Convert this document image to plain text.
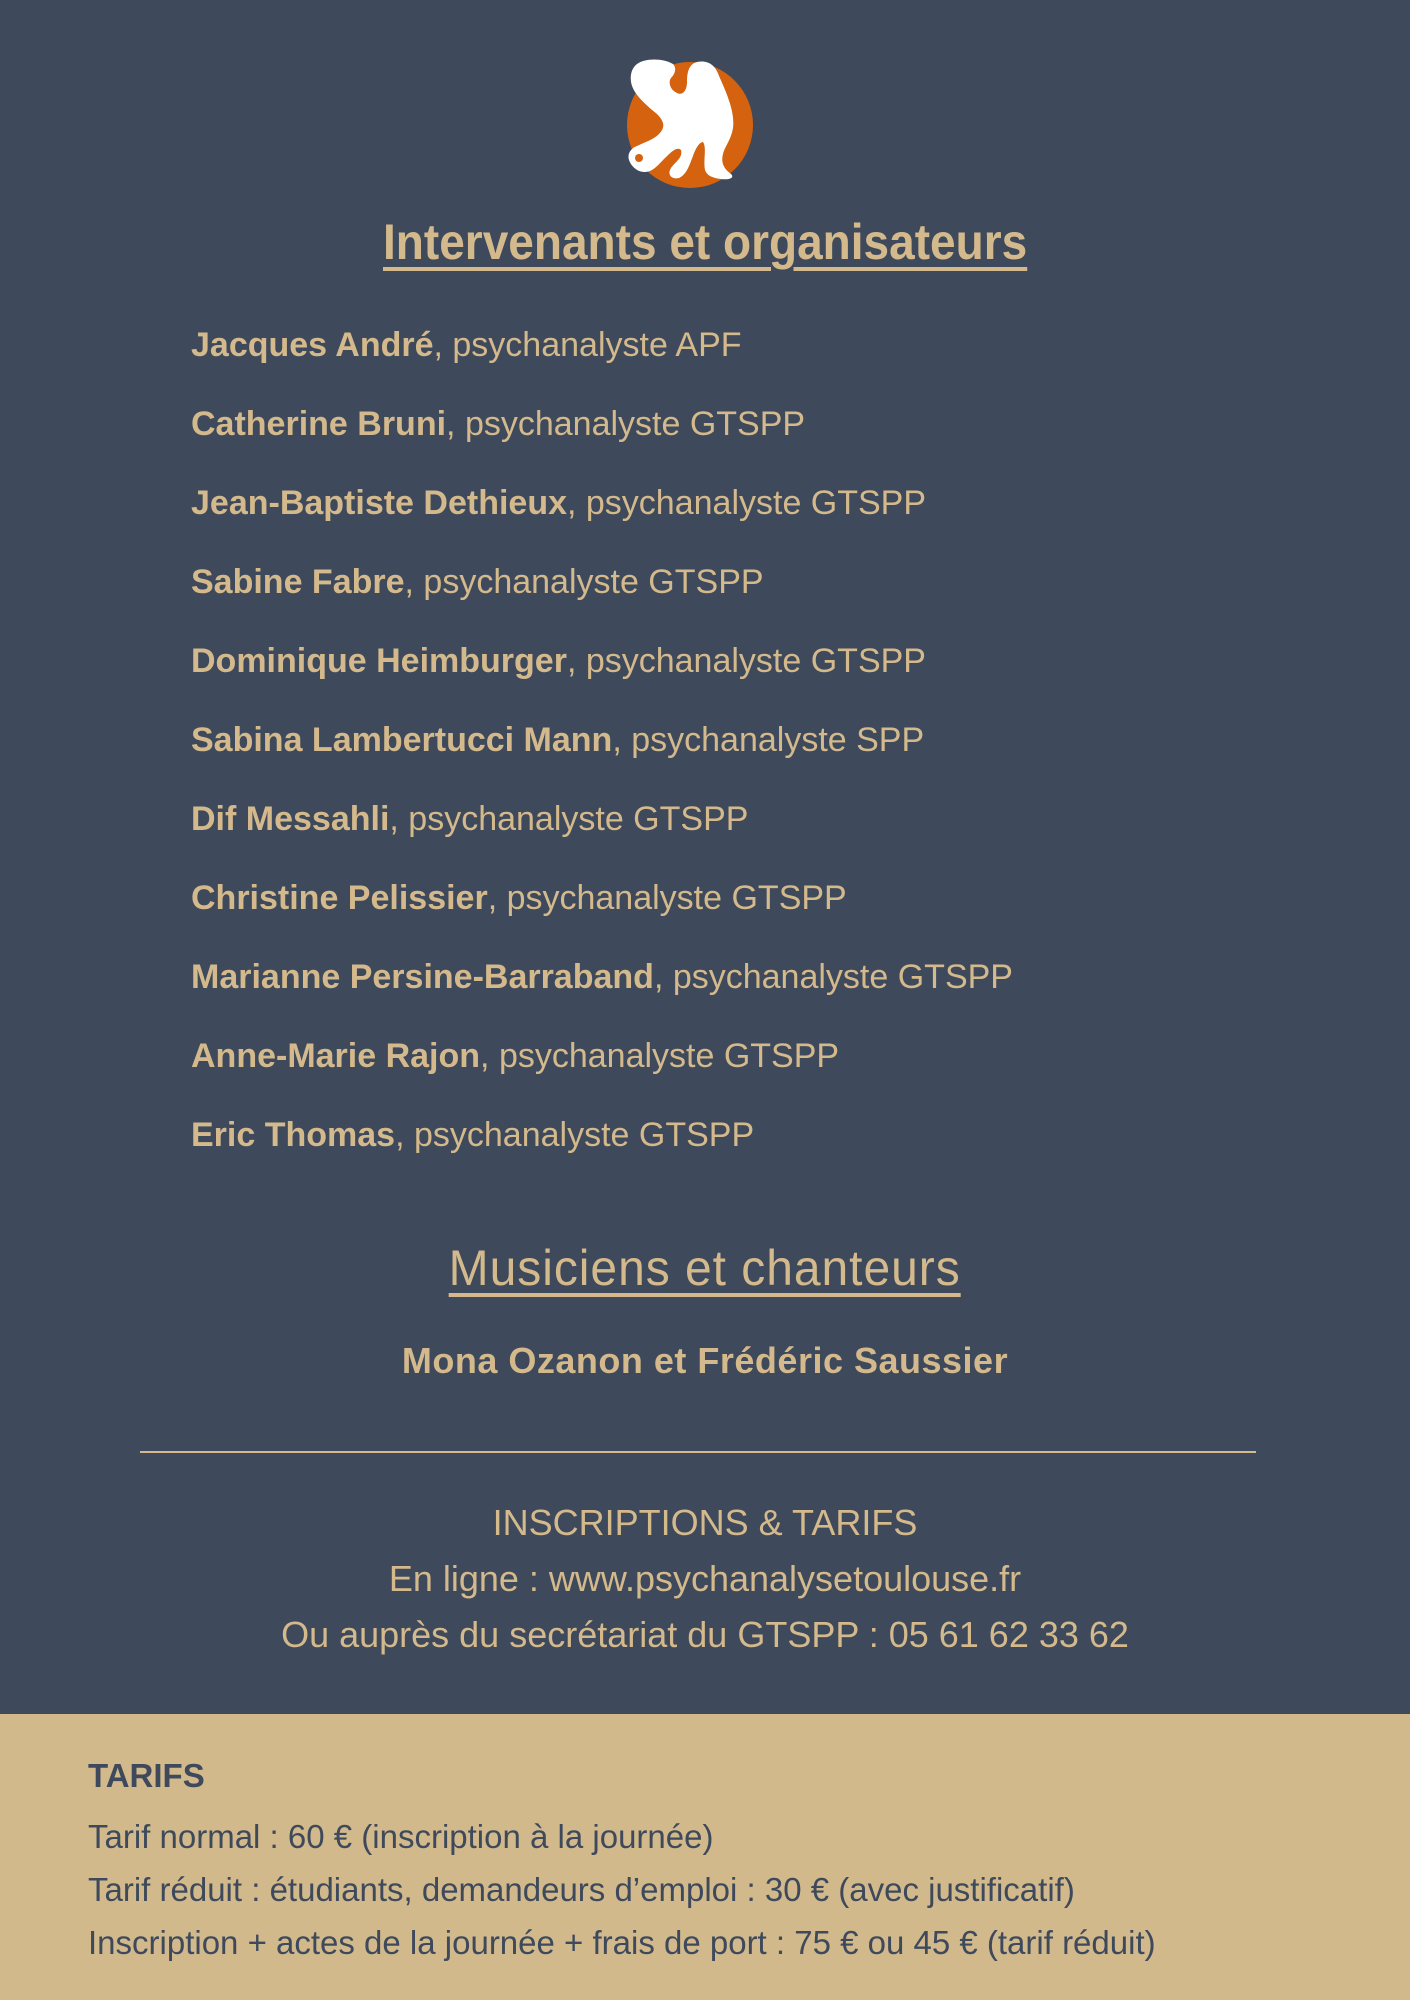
Intervenants et organisateurs
Jacques André, psychanalyste APF
Catherine Bruni, psychanalyste GTSPP
Jean-Baptiste Dethieux, psychanalyste GTSPP
Sabine Fabre, psychanalyste GTSPP
Dominique Heimburger, psychanalyste GTSPP
Sabina Lambertucci Mann, psychanalyste SPP
Dif Messahli, psychanalyste GTSPP
Christine Pelissier, psychanalyste GTSPP
Marianne Persine-Barraband, psychanalyste GTSPP
Anne-Marie Rajon, psychanalyste GTSPP
Eric Thomas, psychanalyste GTSPP
Musiciens et chanteurs
Mona Ozanon et Frédéric Saussier
INSCRIPTIONS & TARIFS
En ligne : www.psychanalysetoulouse.fr
Ou auprès du secrétariat du GTSPP : 05 61 62 33 62
TARIFS
Tarif normal : 60 € (inscription à la journée)
Tarif réduit : étudiants, demandeurs d’emploi : 30 € (avec justificatif)
Inscription + actes de la journée + frais de port : 75 € ou 45 € (tarif réduit)
